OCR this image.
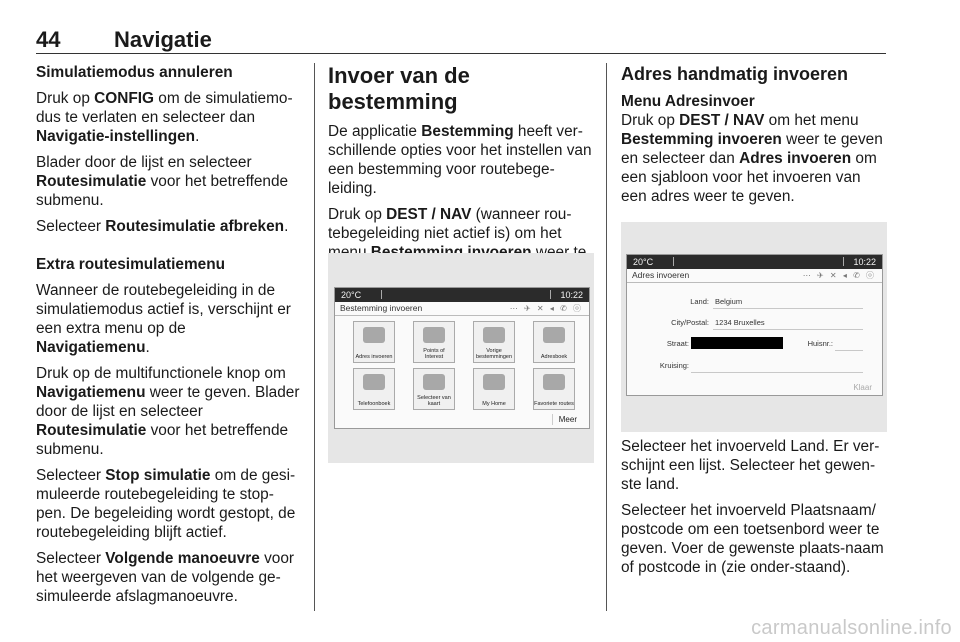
44 Navigatie

Simulatiemodus annuleren

Druk op CONFIG om de simulatiemo-dus te verlaten en selecteer dan Navigatie-instellingen.

Blader door de lijst en selecteer Routesimulatie voor het betreffende submenu.

Selecteer Routesimulatie afbreken.

Extra routesimulatiemenu

Wanneer de routebegeleiding in de simulatiemodus actief is, verschijnt er een extra menu op de Navigatiemenu.

Druk op de multifunctionele knop om Navigatiemenu weer te geven. Blader door de lijst en selecteer Routesimulatie voor het betreffende submenu.

Selecteer Stop simulatie om de gesi-muleerde routebegeleiding te stop-pen. De begeleiding wordt gestopt, de routebegeleiding blijft actief.

Selecteer Volgende manoeuvre voor het weergeven van de volgende ge-simuleerde afslagmanoeuvre.

Invoer van de bestemming

De applicatie Bestemming heeft ver-schillende opties voor het instellen van een bestemming voor routebege-leiding.

Druk op DEST / NAV (wanneer rou-tebegeleiding niet actief is) om het

20°C	10:22
Bestemming invoeren	⋯ ✈ ✕ ◂ ✆ ⓞ
Adres invoeren
Points of Interest
Vorige bestemmingen	Adresboek
Telefoonboek
Selecteer van kaart	My Home	Favoriete routes
Meer

Adres handmatig invoeren

Menu Adresinvoer

Druk op DEST / NAV om het menu Bestemming invoeren weer te geven en selecteer dan Adres invoeren om een sjabloon voor het invoeren van een adres weer te geven.

Selecteer het invoerveld Land. Er ver-schijnt een lijst. Selecteer het gewen-ste land.

Selecteer het invoerveld Plaatsnaam/ postcode om een toetsenbord weer te geven. Voer de gewenste plaats-naam of postcode in (zie onder-staand).

20°C	10:22
Adres invoeren	⋯ ✈ ✕ ◂ ✆ ⓞ
Land: Belgium
City/Postal: 1234 Bruxelles
Straat:	Huisnr.:
Kruising:
Klaar
carmanualsonline.info
